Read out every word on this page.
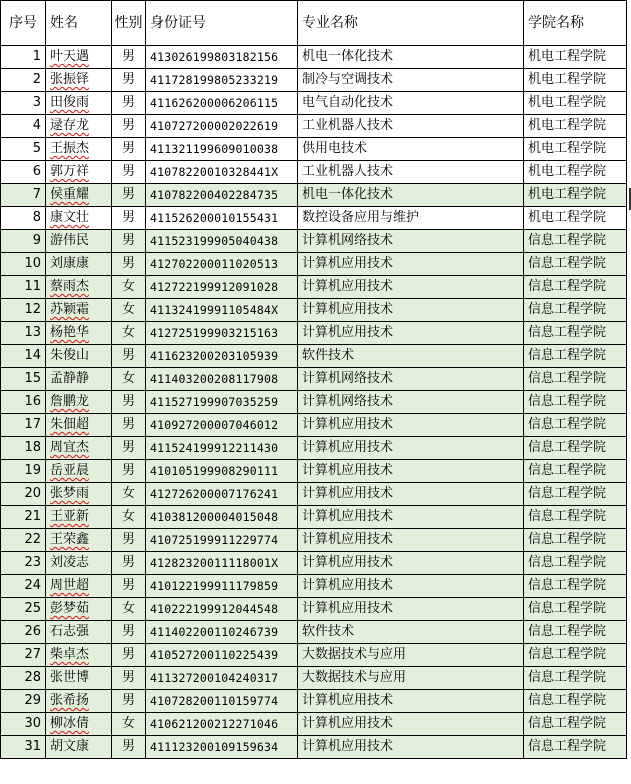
序号	姓名	性别	身份证号	专业名称	学院名称
1	叶天遇	男	413026199803182156	机电一体化技术	机电工程学院
2	张振铎	男	411728199805233219	制冷与空调技术	机电工程学院
3	田俊雨	男	411626200006206115	电气自动化技术	机电工程学院
4	逯存龙	男	410727200002022619	工业机器人技术	机电工程学院
5	王振杰	男	411321199609010038	供用电技术	机电工程学院
6	郭万祥	男	41078220010328441X	工业机器人技术	机电工程学院
7	侯重耀	男	410782200402284735	机电一体化技术	机电工程学院
8	康文壮	男	411526200010155431	数控设备应用与维护	机电工程学院
9	游伟民	男	411523199905040438	计算机网络技术	信息工程学院
10	刘康康	男	412702200011020513	计算机应用技术	信息工程学院
11	蔡雨杰	女	412722199912091028	计算机应用技术	信息工程学院
12	苏颖霜	女	41132419991105484X	计算机应用技术	信息工程学院
13	杨艳华	女	412725199903215163	计算机应用技术	信息工程学院
14	朱俊山	男	411623200203105939	软件技术	信息工程学院
15	孟静静	女	411403200208117908	计算机网络技术	信息工程学院
16	詹鹏龙	男	411527199907035259	计算机网络技术	信息工程学院
17	朱佃超	男	410927200007046012	计算机应用技术	信息工程学院
18	周宜杰	男	411524199912211430	计算机应用技术	信息工程学院
19	岳亚晨	男	410105199908290111	计算机应用技术	信息工程学院
20	张梦雨	女	412726200007176241	计算机应用技术	信息工程学院
21	王亚新	女	410381200004015048	计算机应用技术	信息工程学院
22	王荣鑫	男	410725199911229774	计算机应用技术	信息工程学院
23	刘凌志	男	41282320011118001X	计算机应用技术	信息工程学院
24	周世超	男	410122199911179859	计算机应用技术	信息工程学院
25	彭梦茹	女	410222199912044548	计算机应用技术	信息工程学院
26	石志强	男	411402200110246739	软件技术	信息工程学院
27	柴卓杰	男	410527200110225439	大数据技术与应用	信息工程学院
28	张世博	男	411327200104240317	大数据技术与应用	信息工程学院
29	张希扬	男	410728200110159774	计算机应用技术	信息工程学院
30	柳冰倩	女	410621200212271046	计算机应用技术	信息工程学院
31	胡文康	男	411123200109159634	计算机应用技术	信息工程学院
